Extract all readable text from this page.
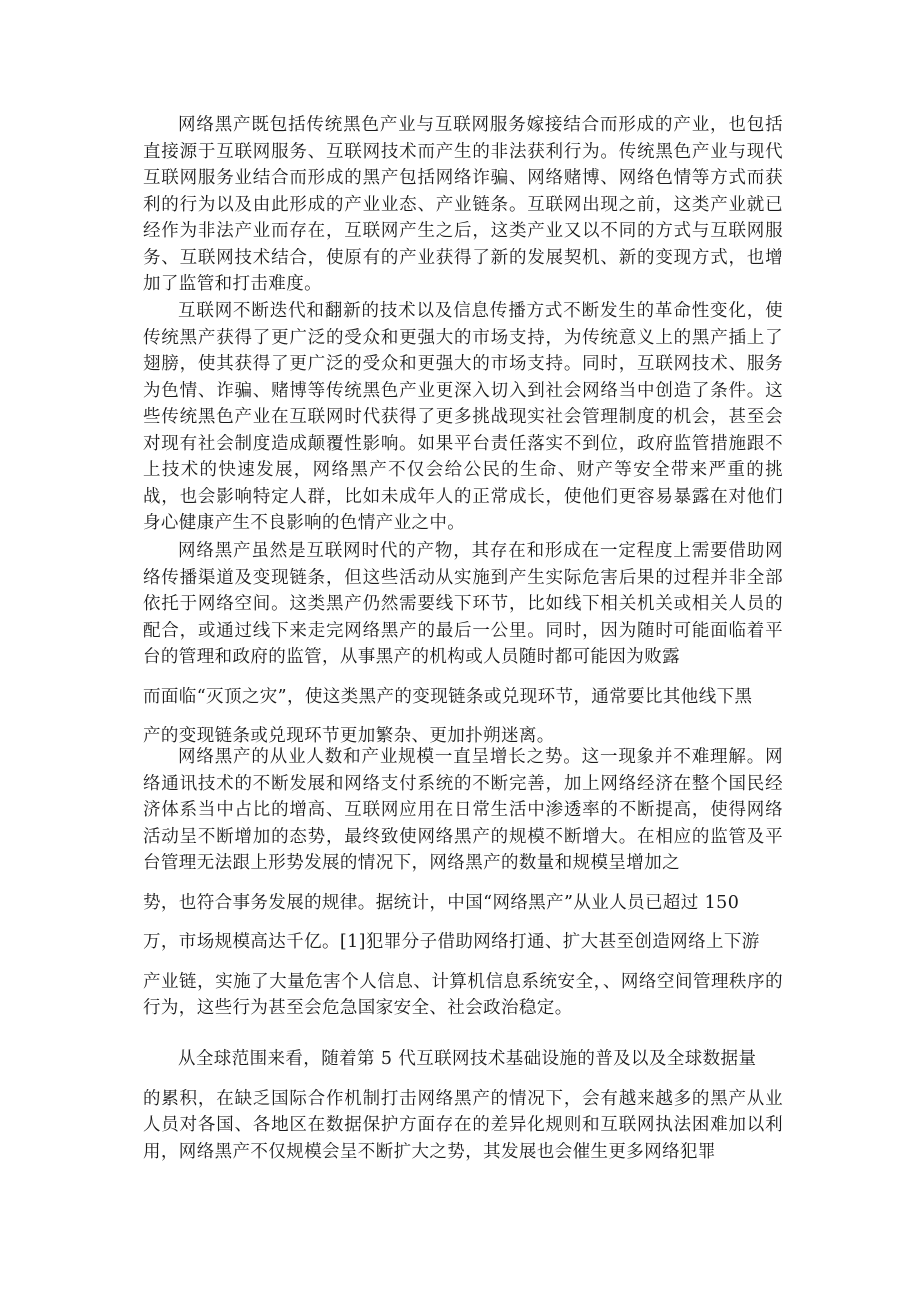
网络黑产既包括传统黑色产业与互联网服务嫁接结合而形成的产业，也包括直接源于互联网服务、互联网技术而产生的非法获利行为。传统黑色产业与现代互联网服务业结合而形成的黑产包括网络诈骗、网络赌博、网络色情等方式而获利的行为以及由此形成的产业业态、产业链条。互联网出现之前，这类产业就已经作为非法产业而存在，互联网产生之后，这类产业又以不同的方式与互联网服务、互联网技术结合，使原有的产业获得了新的发展契机、新的变现方式，也增加了监管和打击难度。

互联网不断迭代和翻新的技术以及信息传播方式不断发生的革命性变化，使传统黑产获得了更广泛的受众和更强大的市场支持，为传统意义上的黑产插上了翅膀，使其获得了更广泛的受众和更强大的市场支持。同时，互联网技术、服务为色情、诈骗、赌博等传统黑色产业更深入切入到社会网络当中创造了条件。这些传统黑色产业在互联网时代获得了更多挑战现实社会管理制度的机会，甚至会对现有社会制度造成颠覆性影响。如果平台责任落实不到位，政府监管措施跟不上技术的快速发展，网络黑产不仅会给公民的生命、财产等安全带来严重的挑战，也会影响特定人群，比如未成年人的正常成长，使他们更容易暴露在对他们身心健康产生不良影响的色情产业之中。

网络黑产虽然是互联网时代的产物，其存在和形成在一定程度上需要借助网络传播渠道及变现链条，但这些活动从实施到产生实际危害后果的过程并非全部依托于网络空间。这类黑产仍然需要线下环节，比如线下相关机关或相关人员的配合，或通过线下来走完网络黑产的最后一公里。同时，因为随时可能面临着平台的管理和政府的监管，从事黑产的机构或人员随时都可能因为败露
而面临“灭顶之灾”，使这类黑产的变现链条或兑现环节，通常要比其他线下黑
产的变现链条或兑现环节更加繁杂、更加扑朔迷离。

网络黑产的从业人数和产业规模一直呈增长之势。这一现象并不难理解。网络通讯技术的不断发展和网络支付系统的不断完善，加上网络经济在整个国民经济体系当中占比的增高、互联网应用在日常生活中渗透率的不断提高，使得网络活动呈不断增加的态势，最终致使网络黑产的规模不断增大。在相应的监管及平台管理无法跟上形势发展的情况下，网络黑产的数量和规模呈增加之
势，也符合事务发展的规律。据统计，中国“网络黑产”从业人员已超过 150
万，市场规模高达千亿。[1]犯罪分子借助网络打通、扩大甚至创造网络上下游
产业链，实施了大量危害个人信息、计算机信息系统安全，、网络空间管理秩序的行为，这些行为甚至会危急国家安全、社会政治稳定。

从全球范围来看，随着第 5 代互联网技术基础设施的普及以及全球数据量
的累积，在缺乏国际合作机制打击网络黑产的情况下，会有越来越多的黑产从业人员对各国、各地区在数据保护方面存在的差异化规则和互联网执法困难加以利用，网络黑产不仅规模会呈不断扩大之势，其发展也会催生更多网络犯罪
